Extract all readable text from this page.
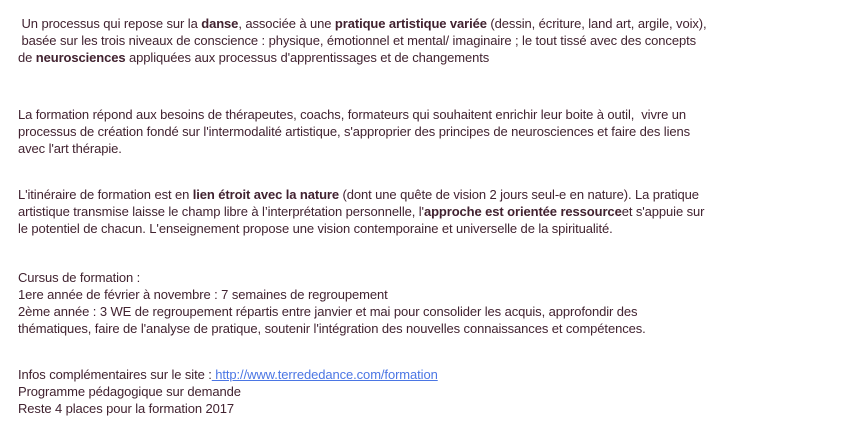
Un processus qui repose sur la danse, associée à une pratique artistique variée (dessin, écriture, land art, argile, voix),
basée sur les trois niveaux de conscience : physique, émotionnel et mental/ imaginaire ; le tout tissé avec des concepts
de neurosciences appliquées aux processus d'apprentissages et de changements

La formation répond aux besoins de thérapeutes, coachs, formateurs qui souhaitent enrichir leur boite à outil,  vivre un
processus de création fondé sur l'intermodalité artistique, s'approprier des principes de neurosciences et faire des liens
avec l'art thérapie.

L'itinéraire de formation est en lien étroit avec la nature (dont une quête de vision 2 jours seul-e en nature). La pratique
artistique transmise laisse le champ libre à l’interprétation personnelle, l'approche est orientée ressourceet s'appuie sur
le potentiel de chacun. L'enseignement propose une vision contemporaine et universelle de la spiritualité.

Cursus de formation :
1ere année de février à novembre : 7 semaines de regroupement
2ème année : 3 WE de regroupement répartis entre janvier et mai pour consolider les acquis, approfondir des
thématiques, faire de l'analyse de pratique, soutenir l'intégration des nouvelles connaissances et compétences.

Infos complémentaires sur le site : http://www.terrededance.com/formation
Programme pédagogique sur demande
Reste 4 places pour la formation 2017
